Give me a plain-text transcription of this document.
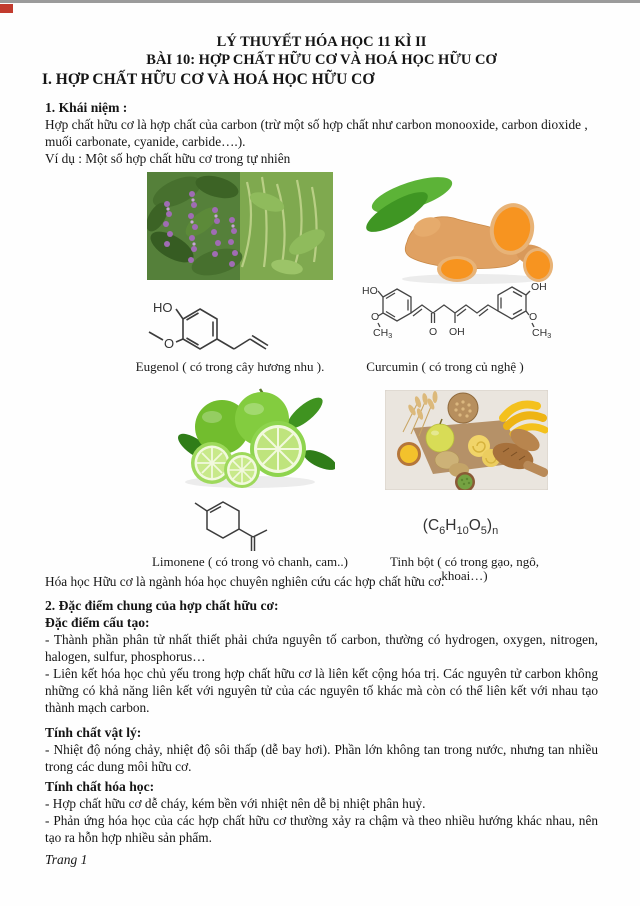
LÝ THUYẾT HÓA HỌC 11 KÌ II

BÀI 10: HỢP CHẤT HỮU CƠ VÀ HOÁ HỌC HỮU CƠ

I. HỢP CHẤT HỮU CƠ VÀ HOÁ HỌC HỮU CƠ

1. Khái niệm :

Hợp chất hữu cơ là hợp chất của carbon (trừ một số hợp chất như carbon monooxide, carbon dioxide , muối carbonate, cyanide, carbide….).

Ví dụ : Một số hợp chất hữu cơ trong tự nhiên

HO
O
HO
O
CH3	O OH
OH
O
CH3
Eugenol ( có trong cây hương nhu ).	Curcumin ( có trong củ nghệ )
$(C_6H_{10}O_5)_n$
Limonene ( có trong vỏ chanh, cam..)	Tinh bột ( có trong gạo, ngô, khoai…)

Hóa học Hữu cơ là ngành hóa học chuyên nghiên cứu các hợp chất hữu cơ.

2. Đặc điểm chung của hợp chất hữu cơ:

Đặc điểm cấu tạo:

- Thành phần phân tử nhất thiết phải chứa nguyên tố carbon, thường có hydrogen, oxygen, nitrogen, halogen, sulfur, phosphorus…

- Liên kết hóa học chủ yếu trong hợp chất hữu cơ là liên kết cộng hóa trị. Các nguyên tử carbon không những có khả năng liên kết với nguyên tử của các nguyên tố khác mà còn có thể liên kết với nhau tạo thành mạch carbon.

Tính chất vật lý:

- Nhiệt độ nóng chảy, nhiệt độ sôi thấp (dễ bay hơi). Phần lớn không tan trong nước, nhưng tan nhiều trong các dung môi hữu cơ.

Tính chất hóa học:

- Hợp chất hữu cơ dễ cháy, kém bền với nhiệt nên dễ bị nhiệt phân huỷ.

- Phản ứng hóa học của các hợp chất hữu cơ thường xảy ra chậm và theo nhiều hướng khác nhau, nên tạo ra hỗn hợp nhiều sản phẩm.

Trang 1
